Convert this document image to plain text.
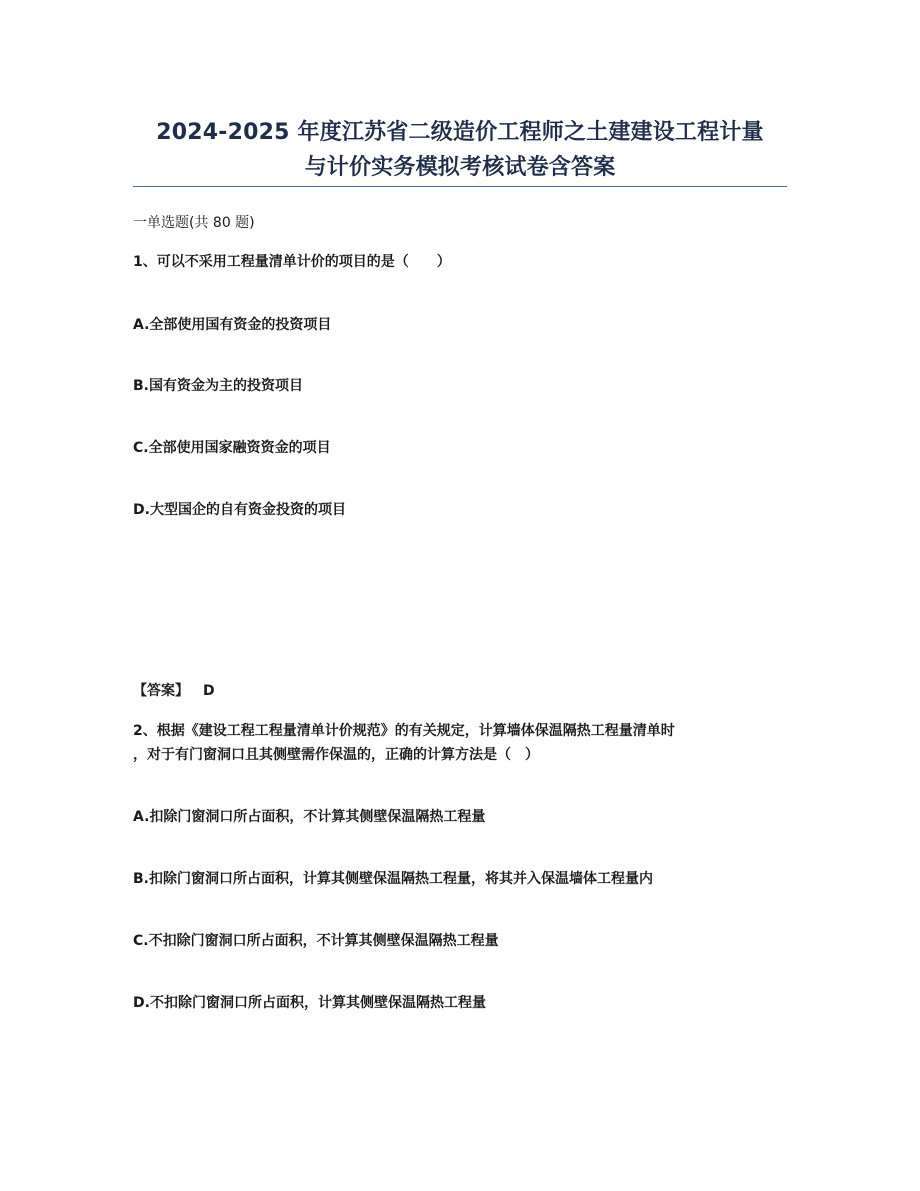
2024-2025 年度江苏省二级造价工程师之土建建设工程计量
与计价实务模拟考核试卷含答案
一单选题(共 80 题)
1、可以不采用工程量清单计价的项目的是（　　）
A.全部使用国有资金的投资项目
B.国有资金为主的投资项目
C.全部使用国家融资资金的项目
D.大型国企的自有资金投资的项目
【答案】 D
2、根据《建设工程工程量清单计价规范》的有关规定，计算墙体保温隔热工程量清单时
，对于有门窗洞口且其侧壁需作保温的，正确的计算方法是（　）
A.扣除门窗洞口所占面积，不计算其侧壁保温隔热工程量
B.扣除门窗洞口所占面积，计算其侧壁保温隔热工程量，将其并入保温墙体工程量内
C.不扣除门窗洞口所占面积，不计算其侧壁保温隔热工程量
D.不扣除门窗洞口所占面积，计算其侧壁保温隔热工程量
